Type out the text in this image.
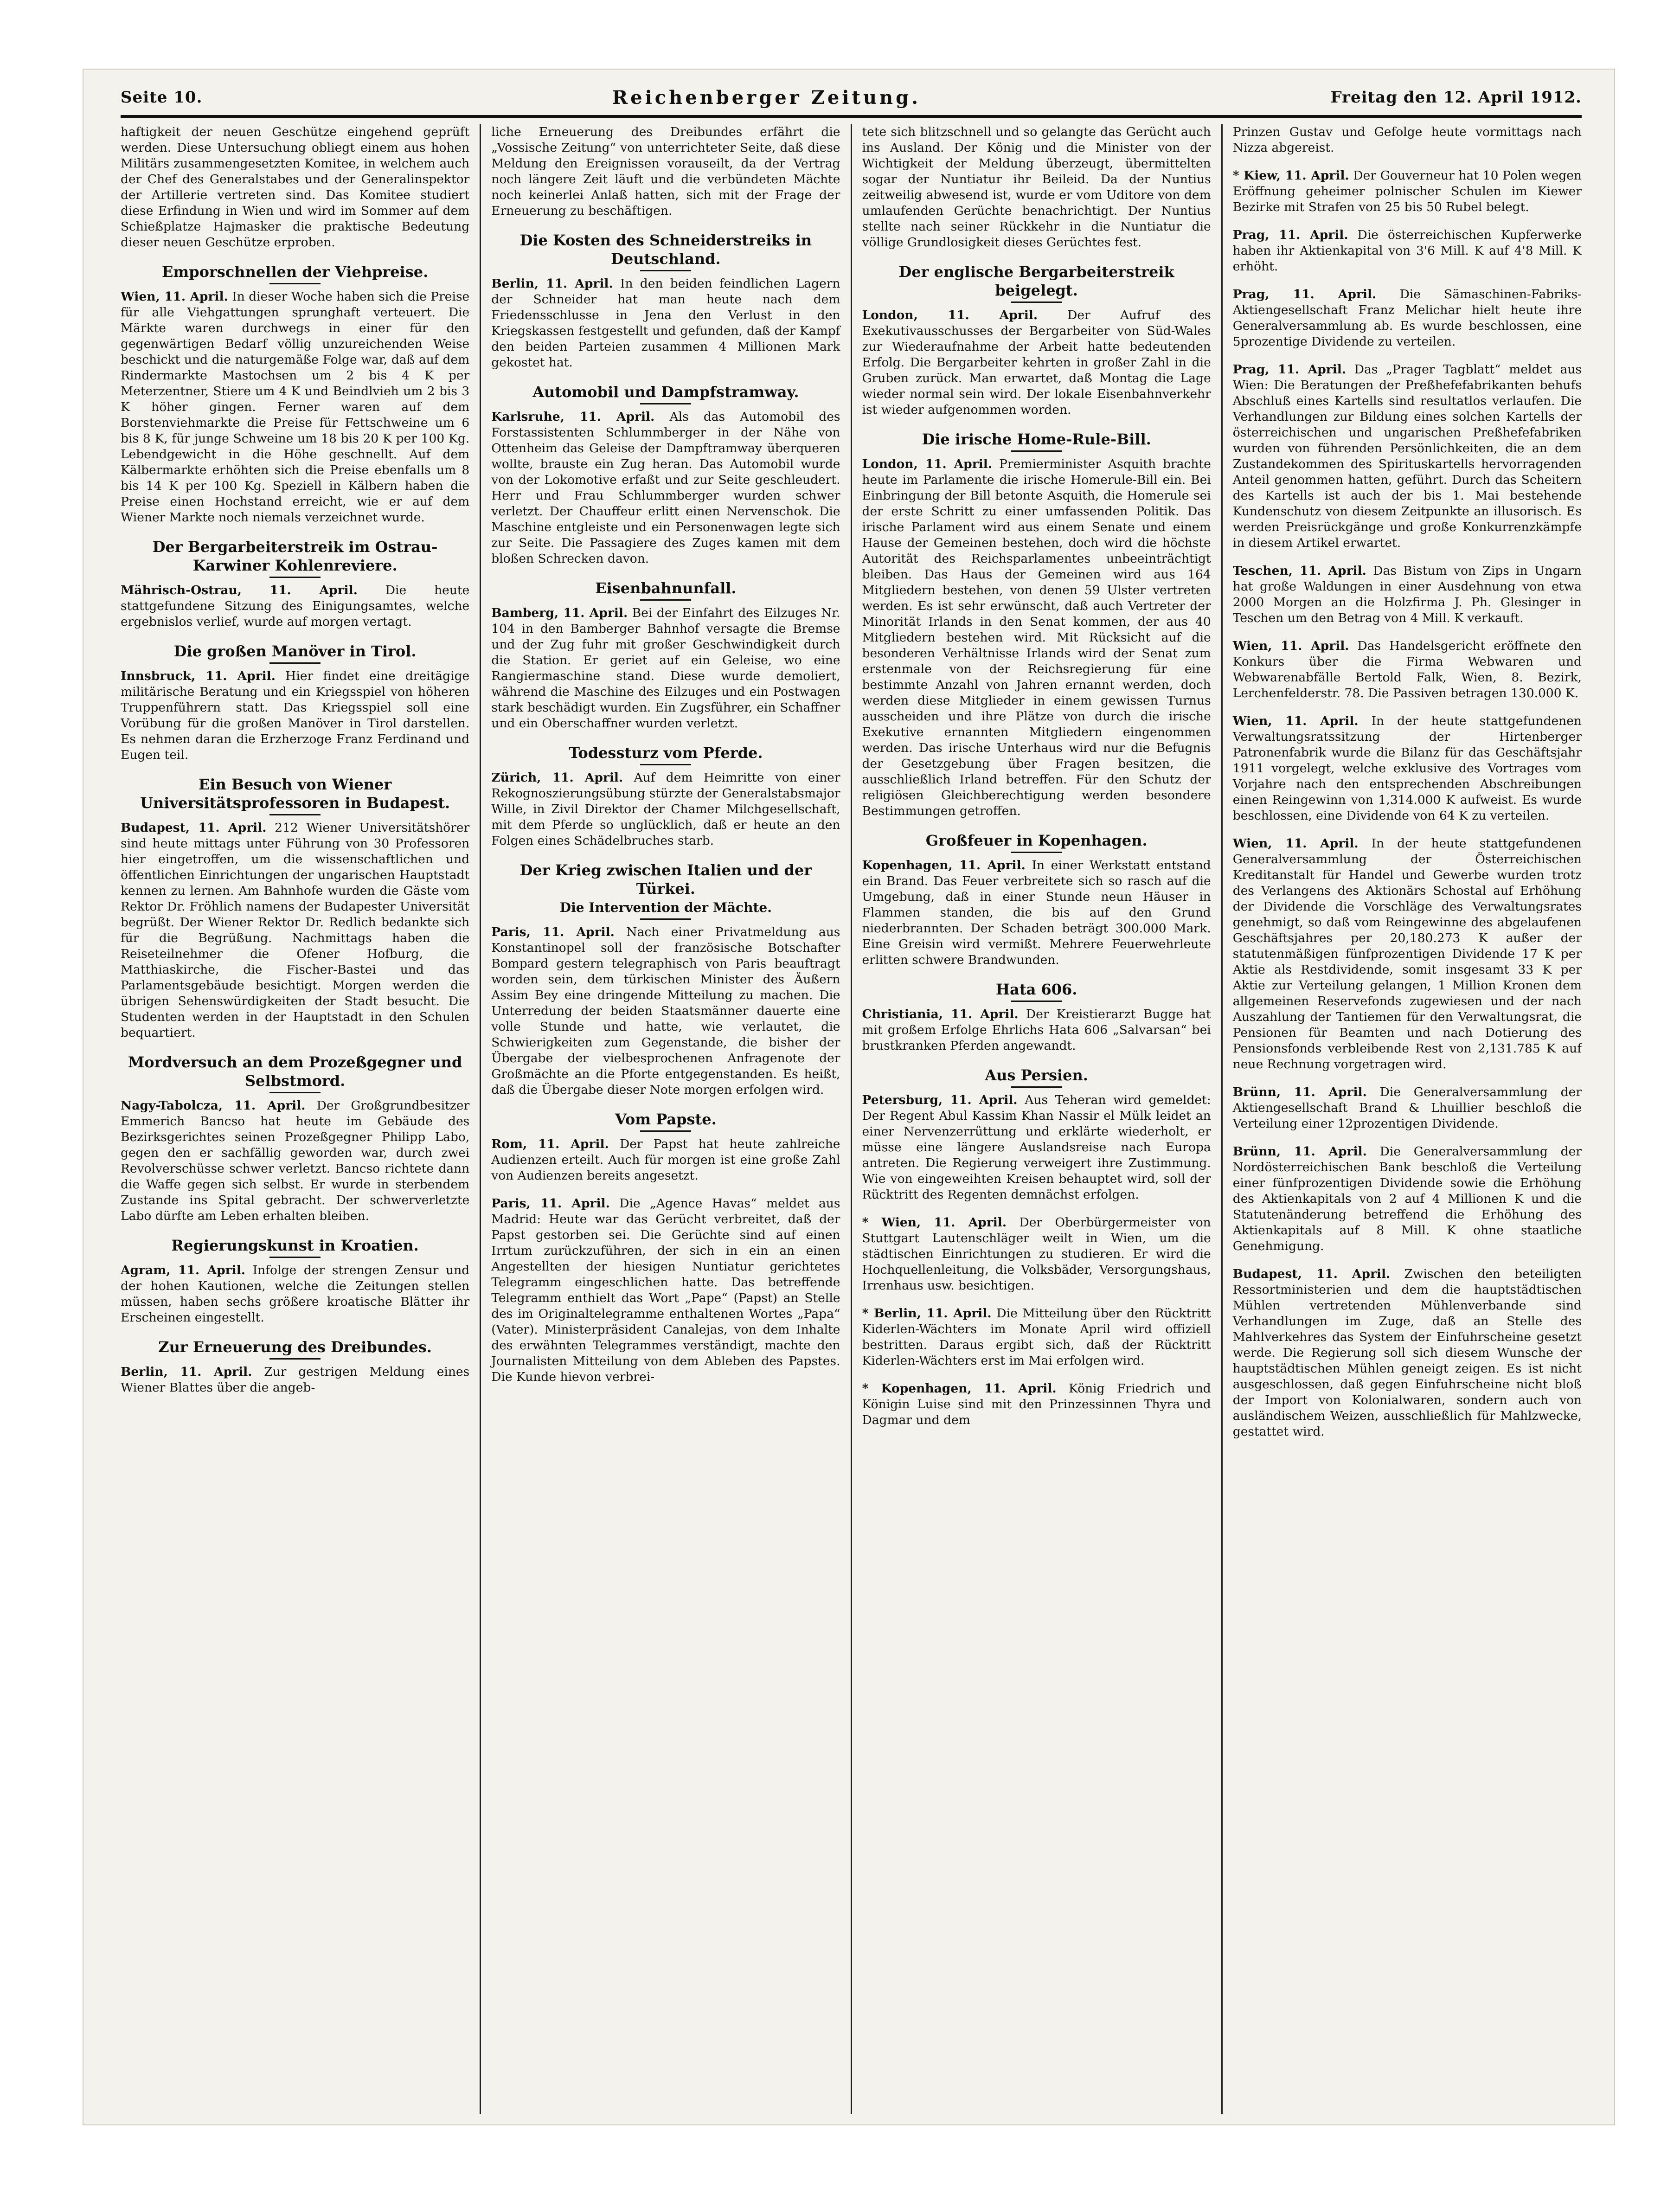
Seite 10.	Reichenberger Zeitung.	Freitag den 12. April 1912.

haftigkeit der neuen Geschütze eingehend geprüft werden. Diese Untersuchung obliegt einem aus hohen Militärs zusammengesetzten Komitee, in welchem auch der Chef des Generalstabes und der Generalinspektor der Artillerie vertreten sind. Das Komitee studiert diese Erfindung in Wien und wird im Sommer auf dem Schießplatze Hajmasker die praktische Bedeutung dieser neuen Geschütze erproben.

Emporschnellen der Viehpreise.

Wien, 11. April. In dieser Woche haben sich die Preise für alle Viehgattungen sprunghaft verteuert. Die Märkte waren durchwegs in einer für den gegenwärtigen Bedarf völlig unzureichenden Weise beschickt und die naturgemäße Folge war, daß auf dem Rindermarkte Mastochsen um 2 bis 4 K per Meterzentner, Stiere um 4 K und Beindlvieh um 2 bis 3 K höher gingen. Ferner waren auf dem Borstenviehmarkte die Preise für Fettschweine um 6 bis 8 K, für junge Schweine um 18 bis 20 K per 100 Kg. Lebendgewicht in die Höhe geschnellt. Auf dem Kälbermarkte erhöhten sich die Preise ebenfalls um 8 bis 14 K per 100 Kg. Speziell in Kälbern haben die Preise einen Hochstand erreicht, wie er auf dem Wiener Markte noch niemals verzeichnet wurde.

Der Bergarbeiterstreik im Ostrau-Karwiner Kohlenreviere.

Mährisch-Ostrau, 11. April. Die heute stattgefundene Sitzung des Einigungsamtes, welche ergebnislos verlief, wurde auf morgen vertagt.

Die großen Manöver in Tirol.

Innsbruck, 11. April. Hier findet eine dreitägige militärische Beratung und ein Kriegsspiel von höheren Truppenführern statt. Das Kriegsspiel soll eine Vorübung für die großen Manöver in Tirol darstellen. Es nehmen daran die Erzherzoge Franz Ferdinand und Eugen teil.

Ein Besuch von Wiener Universitätsprofessoren in Budapest.

Budapest, 11. April. 212 Wiener Universitätshörer sind heute mittags unter Führung von 30 Professoren hier eingetroffen, um die wissenschaftlichen und öffentlichen Einrichtungen der ungarischen Hauptstadt kennen zu lernen. Am Bahnhofe wurden die Gäste vom Rektor Dr. Fröhlich namens der Budapester Universität begrüßt. Der Wiener Rektor Dr. Redlich bedankte sich für die Begrüßung. Nachmittags haben die Reiseteilnehmer die Ofener Hofburg, die Matthiaskirche, die Fischer-Bastei und das Parlamentsgebäude besichtigt. Morgen werden die übrigen Sehenswürdigkeiten der Stadt besucht. Die Studenten werden in der Hauptstadt in den Schulen bequartiert.

Mordversuch an dem Prozeßgegner und Selbstmord.

Nagy-Tabolcza, 11. April. Der Großgrundbesitzer Emmerich Bancso hat heute im Gebäude des Bezirksgerichtes seinen Prozeßgegner Philipp Labo, gegen den er sachfällig geworden war, durch zwei Revolverschüsse schwer verletzt. Bancso richtete dann die Waffe gegen sich selbst. Er wurde in sterbendem Zustande ins Spital gebracht. Der schwerverletzte Labo dürfte am Leben erhalten bleiben.

Regierungskunst in Kroatien.

Agram, 11. April. Infolge der strengen Zensur und der hohen Kautionen, welche die Zeitungen stellen müssen, haben sechs größere kroatische Blätter ihr Erscheinen eingestellt.

Zur Erneuerung des Dreibundes.

Berlin, 11. April. Zur gestrigen Meldung eines Wiener Blattes über die angeb-

liche Erneuerung des Dreibundes erfährt die „Vossische Zeitung“ von unterrichteter Seite, daß diese Meldung den Ereignissen vorauseilt, da der Vertrag noch längere Zeit läuft und die verbündeten Mächte noch keinerlei Anlaß hatten, sich mit der Frage der Erneuerung zu beschäftigen.

Die Kosten des Schneiderstreiks in Deutschland.

Berlin, 11. April. In den beiden feindlichen Lagern der Schneider hat man heute nach dem Friedensschlusse in Jena den Verlust in den Kriegskassen festgestellt und gefunden, daß der Kampf den beiden Parteien zusammen 4 Millionen Mark gekostet hat.

Automobil und Dampfstramway.

Karlsruhe, 11. April. Als das Automobil des Forstassistenten Schlummberger in der Nähe von Ottenheim das Geleise der Dampftramway überqueren wollte, brauste ein Zug heran. Das Automobil wurde von der Lokomotive erfaßt und zur Seite geschleudert. Herr und Frau Schlummberger wurden schwer verletzt. Der Chauffeur erlitt einen Nervenschok. Die Maschine entgleiste und ein Personenwagen legte sich zur Seite. Die Passagiere des Zuges kamen mit dem bloßen Schrecken davon.

Eisenbahnunfall.

Bamberg, 11. April. Bei der Einfahrt des Eilzuges Nr. 104 in den Bamberger Bahnhof versagte die Bremse und der Zug fuhr mit großer Geschwindigkeit durch die Station. Er geriet auf ein Geleise, wo eine Rangiermaschine stand. Diese wurde demoliert, während die Maschine des Eilzuges und ein Postwagen stark beschädigt wurden. Ein Zugsführer, ein Schaffner und ein Oberschaffner wurden verletzt.

Todessturz vom Pferde.

Zürich, 11. April. Auf dem Heimritte von einer Rekognoszierungsübung stürzte der Generalstabsmajor Wille, in Zivil Direktor der Chamer Milchgesellschaft, mit dem Pferde so unglücklich, daß er heute an den Folgen eines Schädelbruches starb.

Der Krieg zwischen Italien und der Türkei.
Die Intervention der Mächte.

Paris, 11. April. Nach einer Privatmeldung aus Konstantinopel soll der französische Botschafter Bompard gestern telegraphisch von Paris beauftragt worden sein, dem türkischen Minister des Äußern Assim Bey eine dringende Mitteilung zu machen. Die Unterredung der beiden Staatsmänner dauerte eine volle Stunde und hatte, wie verlautet, die Schwierigkeiten zum Gegenstande, die bisher der Übergabe der vielbesprochenen Anfragenote der Großmächte an die Pforte entgegenstanden. Es heißt, daß die Übergabe dieser Note morgen erfolgen wird.

Vom Papste.

Rom, 11. April. Der Papst hat heute zahlreiche Audienzen erteilt. Auch für morgen ist eine große Zahl von Audienzen bereits angesetzt.

Paris, 11. April. Die „Agence Havas“ meldet aus Madrid: Heute war das Gerücht verbreitet, daß der Papst gestorben sei. Die Gerüchte sind auf einen Irrtum zurückzuführen, der sich in ein an einen Angestellten der hiesigen Nuntiatur gerichtetes Telegramm eingeschlichen hatte. Das betreffende Telegramm enthielt das Wort „Pape“ (Papst) an Stelle des im Originaltelegramme enthaltenen Wortes „Papa“ (Vater). Ministerpräsident Canalejas, von dem Inhalte des erwähnten Telegrammes verständigt, machte den Journalisten Mitteilung von dem Ableben des Papstes. Die Kunde hievon verbrei-

tete sich blitzschnell und so gelangte das Gerücht auch ins Ausland. Der König und die Minister von der Wichtigkeit der Meldung überzeugt, übermittelten sogar der Nuntiatur ihr Beileid. Da der Nuntius zeitweilig abwesend ist, wurde er vom Uditore von dem umlaufenden Gerüchte benachrichtigt. Der Nuntius stellte nach seiner Rückkehr in die Nuntiatur die völlige Grundlosigkeit dieses Gerüchtes fest.

Der englische Bergarbeiterstreik beigelegt.

London, 11. April. Der Aufruf des Exekutivausschusses der Bergarbeiter von Süd-Wales zur Wiederaufnahme der Arbeit hatte bedeutenden Erfolg. Die Bergarbeiter kehrten in großer Zahl in die Gruben zurück. Man erwartet, daß Montag die Lage wieder normal sein wird. Der lokale Eisenbahnverkehr ist wieder aufgenommen worden.

Die irische Home-Rule-Bill.

London, 11. April. Premierminister Asquith brachte heute im Parlamente die irische Homerule-Bill ein. Bei Einbringung der Bill betonte Asquith, die Homerule sei der erste Schritt zu einer umfassenden Politik. Das irische Parlament wird aus einem Senate und einem Hause der Gemeinen bestehen, doch wird die höchste Autorität des Reichsparlamentes unbeeinträchtigt bleiben. Das Haus der Gemeinen wird aus 164 Mitgliedern bestehen, von denen 59 Ulster vertreten werden. Es ist sehr erwünscht, daß auch Vertreter der Minorität Irlands in den Senat kommen, der aus 40 Mitgliedern bestehen wird. Mit Rücksicht auf die besonderen Verhältnisse Irlands wird der Senat zum erstenmale von der Reichsregierung für eine bestimmte Anzahl von Jahren ernannt werden, doch werden diese Mitglieder in einem gewissen Turnus ausscheiden und ihre Plätze von durch die irische Exekutive ernannten Mitgliedern eingenommen werden. Das irische Unterhaus wird nur die Befugnis der Gesetzgebung über Fragen besitzen, die ausschließlich Irland betreffen. Für den Schutz der religiösen Gleichberechtigung werden besondere Bestimmungen getroffen.

Großfeuer in Kopenhagen.

Kopenhagen, 11. April. In einer Werkstatt entstand ein Brand. Das Feuer verbreitete sich so rasch auf die Umgebung, daß in einer Stunde neun Häuser in Flammen standen, die bis auf den Grund niederbrannten. Der Schaden beträgt 300.000 Mark. Eine Greisin wird vermißt. Mehrere Feuerwehrleute erlitten schwere Brandwunden.

Hata 606.

Christiania, 11. April. Der Kreistierarzt Bugge hat mit großem Erfolge Ehrlichs Hata 606 „Salvarsan“ bei brustkranken Pferden angewandt.

Aus Persien.

Petersburg, 11. April. Aus Teheran wird gemeldet: Der Regent Abul Kassim Khan Nassir el Mülk leidet an einer Nervenzerrüttung und erklärte wiederholt, er müsse eine längere Auslandsreise nach Europa antreten. Die Regierung verweigert ihre Zustimmung. Wie von eingeweihten Kreisen behauptet wird, soll der Rücktritt des Regenten demnächst erfolgen.

* Wien, 11. April. Der Oberbürgermeister von Stuttgart Lautenschläger weilt in Wien, um die städtischen Einrichtungen zu studieren. Er wird die Hochquellenleitung, die Volksbäder, Versorgungshaus, Irrenhaus usw. besichtigen.

* Berlin, 11. April. Die Mitteilung über den Rücktritt Kiderlen-Wächters im Monate April wird offiziell bestritten. Daraus ergibt sich, daß der Rücktritt Kiderlen-Wächters erst im Mai erfolgen wird.

* Kopenhagen, 11. April. König Friedrich und Königin Luise sind mit den Prinzessinnen Thyra und Dagmar und dem

Prinzen Gustav und Gefolge heute vormittags nach Nizza abgereist.

* Kiew, 11. April. Der Gouverneur hat 10 Polen wegen Eröffnung geheimer polnischer Schulen im Kiewer Bezirke mit Strafen von 25 bis 50 Rubel belegt.

Prag, 11. April. Die österreichischen Kupferwerke haben ihr Aktienkapital von 3'6 Mill. K auf 4'8 Mill. K erhöht.

Prag, 11. April. Die Sämaschinen-Fabriks-Aktiengesellschaft Franz Melichar hielt heute ihre Generalversammlung ab. Es wurde beschlossen, eine 5prozentige Dividende zu verteilen.

Prag, 11. April. Das „Prager Tagblatt“ meldet aus Wien: Die Beratungen der Preßhefefabrikanten behufs Abschluß eines Kartells sind resultatlos verlaufen. Die Verhandlungen zur Bildung eines solchen Kartells der österreichischen und ungarischen Preßhefefabriken wurden von führenden Persönlichkeiten, die an dem Zustandekommen des Spirituskartells hervorragenden Anteil genommen hatten, geführt. Durch das Scheitern des Kartells ist auch der bis 1. Mai bestehende Kundenschutz von diesem Zeitpunkte an illusorisch. Es werden Preisrückgänge und große Konkurrenzkämpfe in diesem Artikel erwartet.

Teschen, 11. April. Das Bistum von Zips in Ungarn hat große Waldungen in einer Ausdehnung von etwa 2000 Morgen an die Holzfirma J. Ph. Glesinger in Teschen um den Betrag von 4 Mill. K verkauft.

Wien, 11. April. Das Handelsgericht eröffnete den Konkurs über die Firma Webwaren und Webwarenabfälle Bertold Falk, Wien, 8. Bezirk, Lerchenfelderstr. 78. Die Passiven betragen 130.000 K.

Wien, 11. April. In der heute stattgefundenen Verwaltungsratssitzung der Hirtenberger Patronenfabrik wurde die Bilanz für das Geschäftsjahr 1911 vorgelegt, welche exklusive des Vortrages vom Vorjahre nach den entsprechenden Abschreibungen einen Reingewinn von 1,314.000 K aufweist. Es wurde beschlossen, eine Dividende von 64 K zu verteilen.

Wien, 11. April. In der heute stattgefundenen Generalversammlung der Österreichischen Kreditanstalt für Handel und Gewerbe wurden trotz des Verlangens des Aktionärs Schostal auf Erhöhung der Dividende die Vorschläge des Verwaltungsrates genehmigt, so daß vom Reingewinne des abgelaufenen Geschäftsjahres per 20,180.273 K außer der statutenmäßigen fünfprozentigen Dividende 17 K per Aktie als Restdividende, somit insgesamt 33 K per Aktie zur Verteilung gelangen, 1 Million Kronen dem allgemeinen Reservefonds zugewiesen und der nach Auszahlung der Tantiemen für den Verwaltungsrat, die Pensionen für Beamten und nach Dotierung des Pensionsfonds verbleibende Rest von 2,131.785 K auf neue Rechnung vorgetragen wird.

Brünn, 11. April. Die Generalversammlung der Aktiengesellschaft Brand & Lhuillier beschloß die Verteilung einer 12prozentigen Dividende.

Brünn, 11. April. Die Generalversammlung der Nordösterreichischen Bank beschloß die Verteilung einer fünfprozentigen Dividende sowie die Erhöhung des Aktienkapitals von 2 auf 4 Millionen K und die Statutenänderung betreffend die Erhöhung des Aktienkapitals auf 8 Mill. K ohne staatliche Genehmigung.

Budapest, 11. April. Zwischen den beteiligten Ressortministerien und dem die hauptstädtischen Mühlen vertretenden Mühlenverbande sind Verhandlungen im Zuge, daß an Stelle des Mahlverkehres das System der Einfuhrscheine gesetzt werde. Die Regierung soll sich diesem Wunsche der hauptstädtischen Mühlen geneigt zeigen. Es ist nicht ausgeschlossen, daß gegen Einfuhrscheine nicht bloß der Import von Kolonialwaren, sondern auch von ausländischem Weizen, ausschließlich für Mahlzwecke, gestattet wird.
